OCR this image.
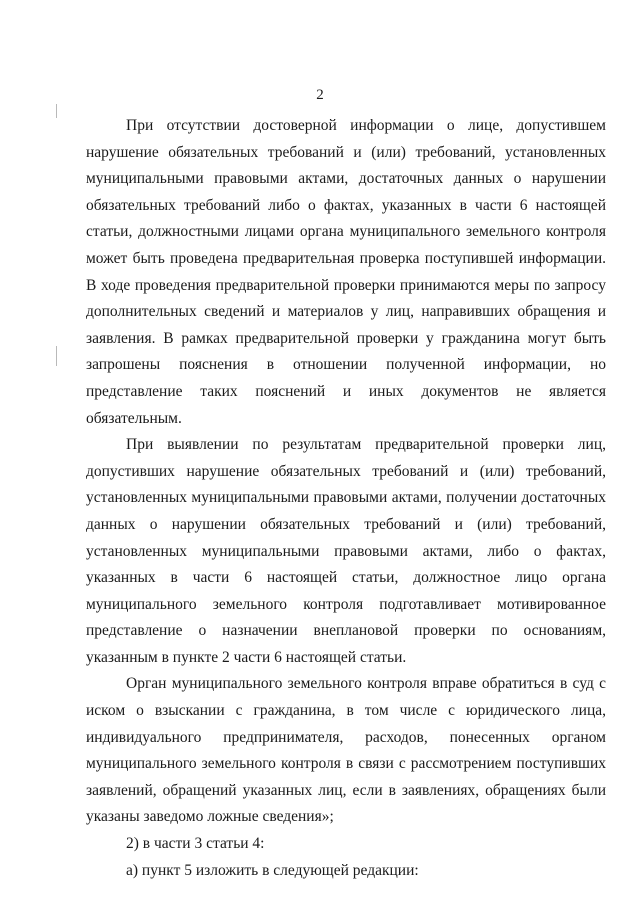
2

При отсутствии достоверной информации о лице, допустившем нарушение обязательных требований и (или) требований, установленных муниципальными правовыми актами, достаточных данных о нарушении обязательных требований либо о фактах, указанных в части 6 настоящей статьи, должностными лицами органа муниципального земельного контроля может быть проведена предварительная проверка поступившей информации. В ходе проведения предварительной проверки принимаются меры по запросу дополнительных сведений и материалов у лиц, направивших обращения и заявления. В рамках предварительной проверки у гражданина могут быть запрошены пояснения в отношении полученной информации, но представление таких пояснений и иных документов не является обязательным.

При выявлении по результатам предварительной проверки лиц, допустивших нарушение обязательных требований и (или) требований, установленных муниципальными правовыми актами, получении достаточных данных о нарушении обязательных требований и (или) требований, установленных муниципальными правовыми актами, либо о фактах, указанных в части 6 настоящей статьи, должностное лицо органа муниципального земельного контроля подготавливает мотивированное представление о назначении внеплановой проверки по основаниям, указанным в пункте 2 части 6 настоящей статьи.

Орган муниципального земельного контроля вправе обратиться в суд с иском о взыскании с гражданина, в том числе с юридического лица, индивидуального предпринимателя, расходов, понесенных органом муниципального земельного контроля в связи с рассмотрением поступивших заявлений, обращений указанных лиц, если в заявлениях, обращениях были указаны заведомо ложные сведения»;

2) в части 3 статьи 4:

а) пункт 5 изложить в следующей редакции:
